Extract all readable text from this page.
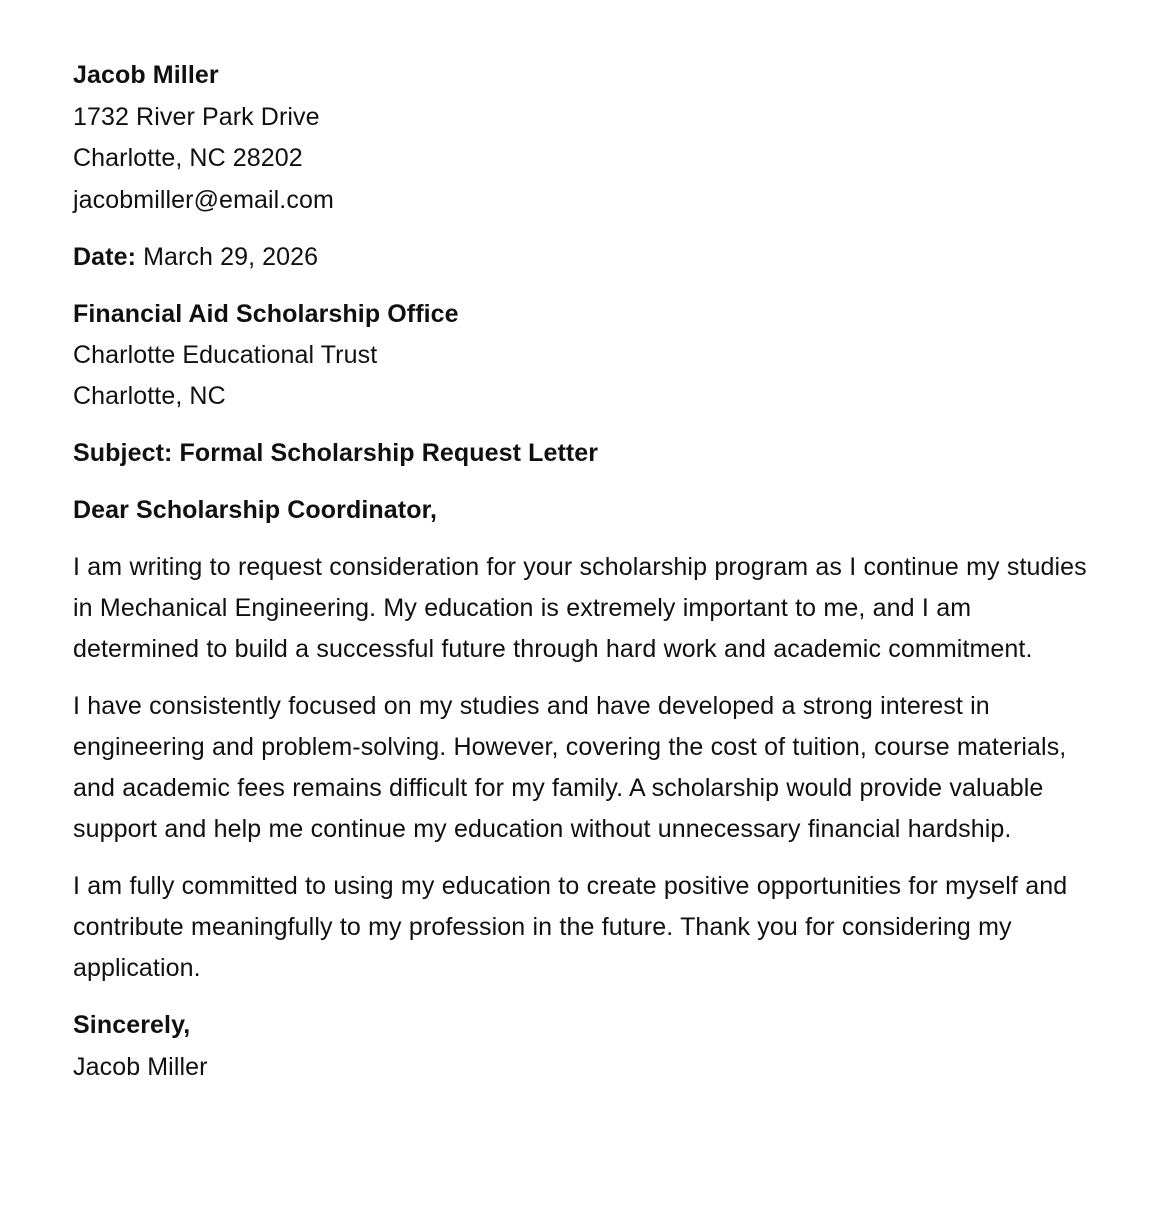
Jacob Miller

1732 River Park Drive

Charlotte, NC 28202

jacobmiller@email.com

Date: March 29, 2026

Financial Aid Scholarship Office

Charlotte Educational Trust

Charlotte, NC

Subject: Formal Scholarship Request Letter

Dear Scholarship Coordinator,

I am writing to request consideration for your scholarship program as I continue my studies in Mechanical Engineering. My education is extremely important to me, and I am determined to build a successful future through hard work and academic commitment.

I have consistently focused on my studies and have developed a strong interest in engineering and problem-solving. However, covering the cost of tuition, course materials, and academic fees remains difficult for my family. A scholarship would provide valuable support and help me continue my education without unnecessary financial hardship.

I am fully committed to using my education to create positive opportunities for myself and contribute meaningfully to my profession in the future. Thank you for considering my application.

Sincerely,

Jacob Miller
